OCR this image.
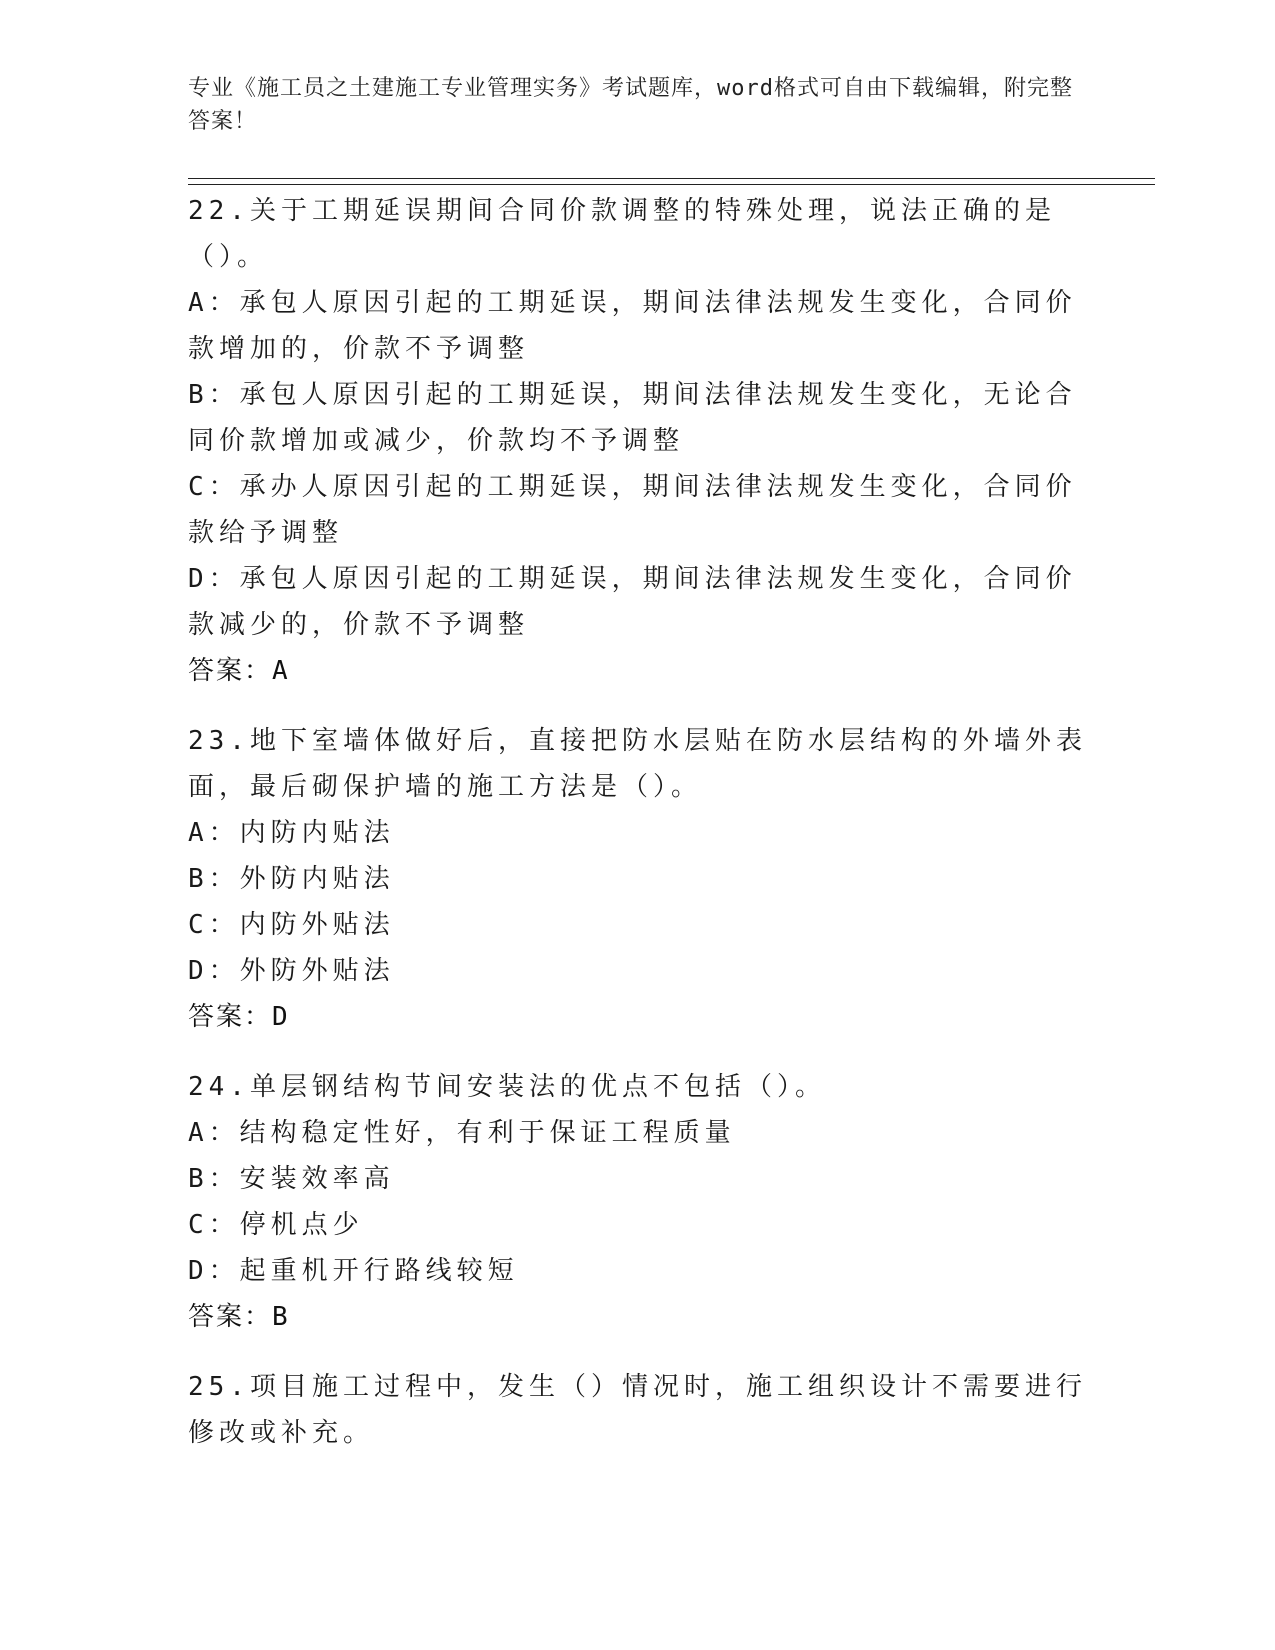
专业《施工员之土建施工专业管理实务》考试题库，word格式可自由下载编辑，附完整答案！

22.关于工期延误期间合同价款调整的特殊处理，说法正确的是（）。

A：承包人原因引起的工期延误，期间法律法规发生变化，合同价款增加的，价款不予调整

B：承包人原因引起的工期延误，期间法律法规发生变化，无论合同价款增加或减少，价款均不予调整

C：承办人原因引起的工期延误，期间法律法规发生变化，合同价款给予调整

D：承包人原因引起的工期延误，期间法律法规发生变化，合同价款减少的，价款不予调整

答案：A

23.地下室墙体做好后，直接把防水层贴在防水层结构的外墙外表面，最后砌保护墙的施工方法是（）。

A：内防内贴法

B：外防内贴法

C：内防外贴法

D：外防外贴法

答案：D

24.单层钢结构节间安装法的优点不包括（）。

A：结构稳定性好，有利于保证工程质量

B：安装效率高

C：停机点少

D：起重机开行路线较短

答案：B

25.项目施工过程中，发生（）情况时，施工组织设计不需要进行修改或补充。
